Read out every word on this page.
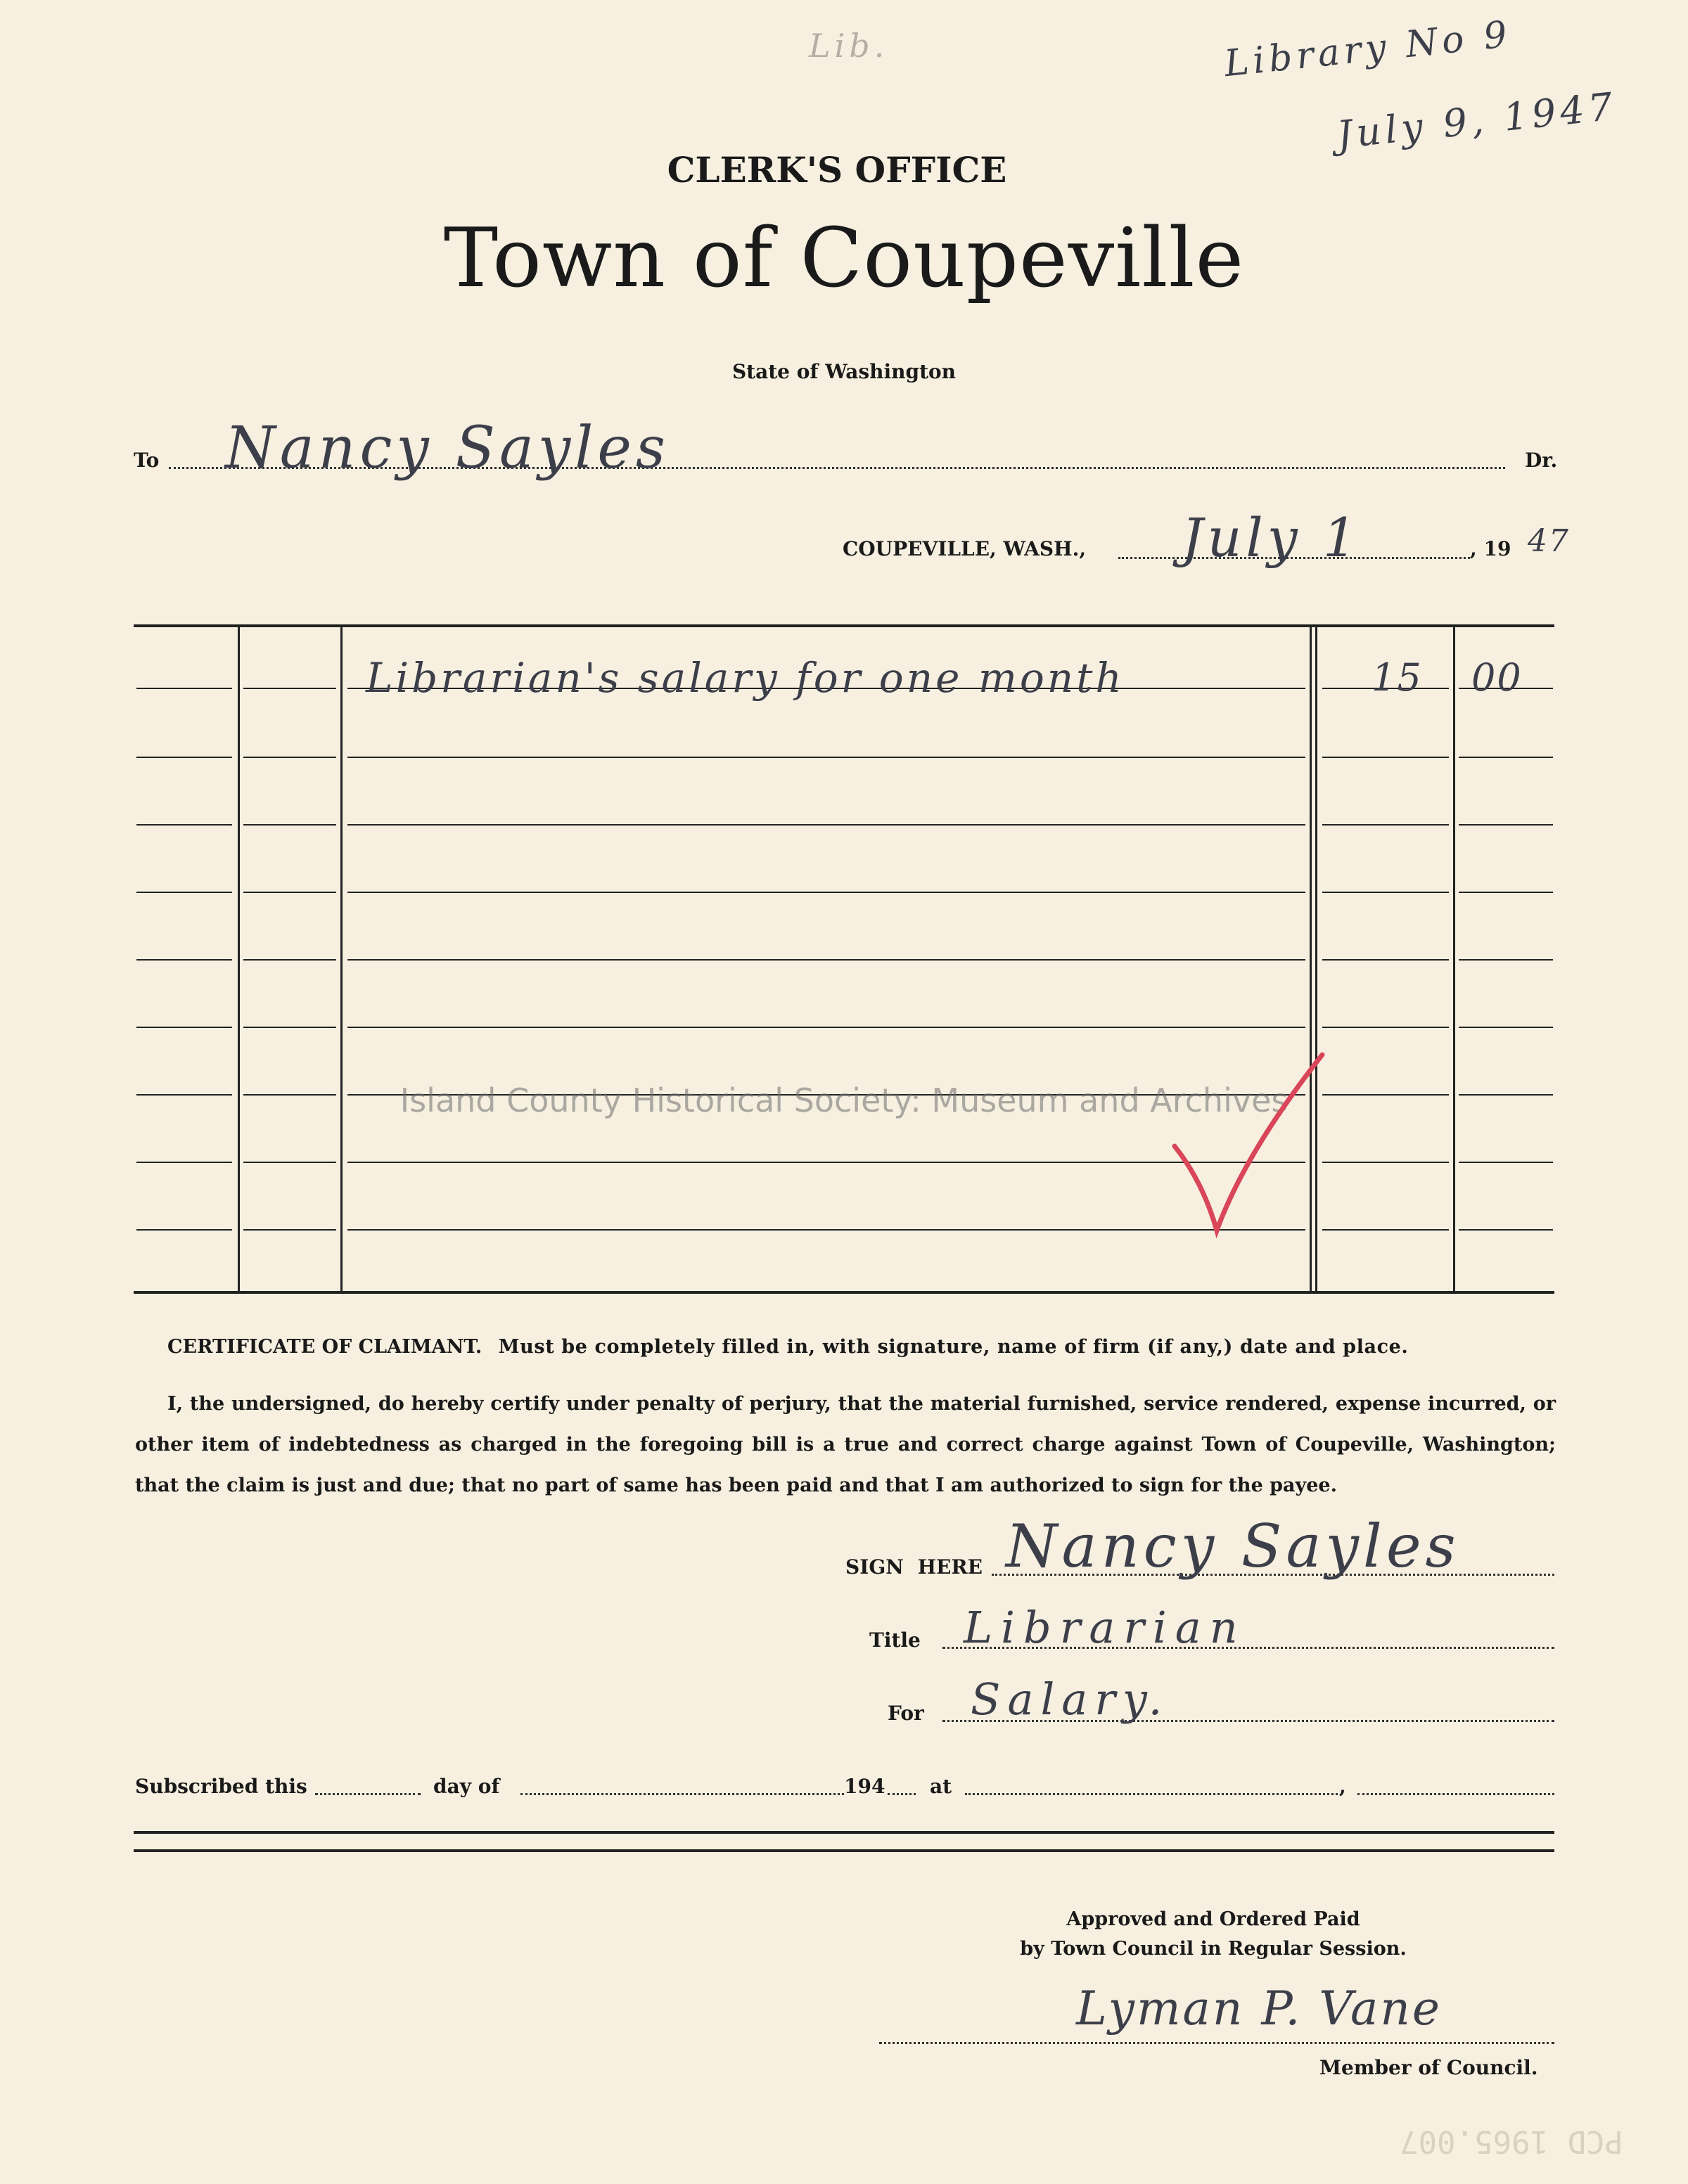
Lib.	Library No 9
July 9, 1947
CLERK'S OFFICE
Town of Coupeville
State of Washington
To Nancy Sayles	Dr.
COUPEVILLE, WASH., July 1	, 19 47
Librarian's salary for one month	15 00
Island County Historical Society: Museum and Archives
CERTIFICATE OF CLAIMANT. Must be completely filled in, with signature, name of firm (if any,) date and place.
I, the undersigned, do hereby certify under penalty of perjury, that the material furnished, service rendered, expense incurred, or other item of indebtedness as charged in the foregoing bill is a true and correct charge against Town of Coupeville, Washington; that the claim is just and due; that no part of same has been paid and that I am authorized to sign for the payee.
SIGN HERE Nancy Sayles
Title Librarian
For Salary.
Subscribed this	day of	194 at	,
Approved and Ordered Paid
by Town Council in Regular Session.
Lyman P. Vane
Member of Council.
PCD 1965.007
